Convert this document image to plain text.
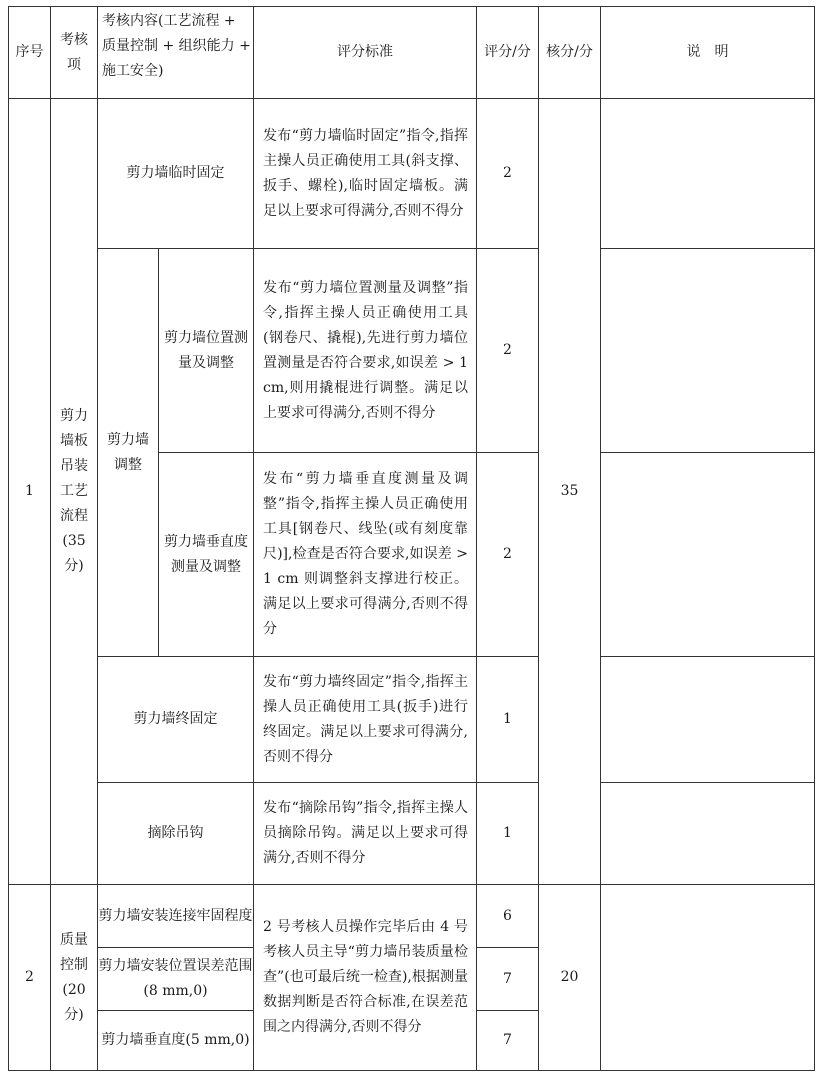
序号	考核项	考核内容(工艺流程 + 质量控制 + 组织能力 + 施工安全)		评分标准	评分/分	核分/分	说　明
1	剪力墙板吊装工艺流程(35分)	剪力墙临时固定		发布“剪力墙临时固定”指令,指挥主操人员正确使用工具(斜支撑、扳手、螺栓),临时固定墙板。满足以上要求可得满分,否则不得分	2	35	
		剪力墙调整	剪力墙位置测量及调整	发布“剪力墙位置测量及调整”指令,指挥主操人员正确使用工具(钢卷尺、撬棍),先进行剪力墙位置测量是否符合要求,如误差 > 1 cm,则用撬棍进行调整。满足以上要求可得满分,否则不得分	2		
			剪力墙垂直度测量及调整	发布“剪力墙垂直度测量及调整”指令,指挥主操人员正确使用工具[钢卷尺、线坠(或有刻度靠尺)],检查是否符合要求,如误差 > 1 cm 则调整斜支撑进行校正。满足以上要求可得满分,否则不得分	2		
		剪力墙终固定		发布“剪力墙终固定”指令,指挥主操人员正确使用工具(扳手)进行终固定。满足以上要求可得满分,否则不得分	1		
		摘除吊钩		发布“摘除吊钩”指令,指挥主操人员摘除吊钩。满足以上要求可得满分,否则不得分	1		
2	质量控制(20分)	剪力墙安装连接牢固程度		2 号考核人员操作完毕后由 4 号考核人员主导“剪力墙吊装质量检查”(也可最后统一检查),根据测量数据判断是否符合标准,在误差范围之内得满分,否则不得分	6	20	
		剪力墙安装位置误差范围(8 mm,0)			7		
		剪力墙垂直度(5 mm,0)			7		
